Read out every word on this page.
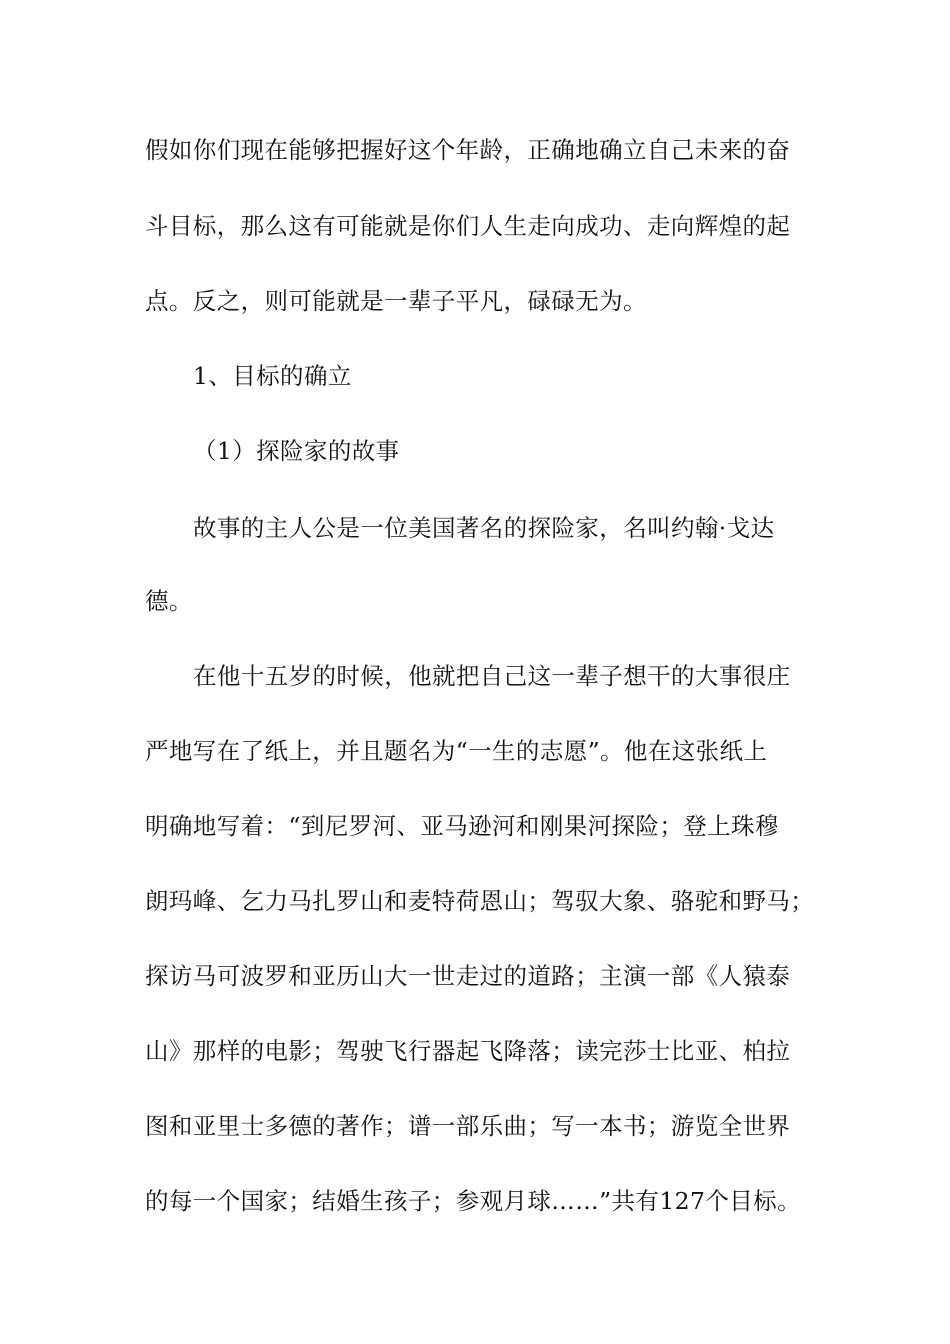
假如你们现在能够把握好这个年龄，正确地确立自己未来的奋
斗目标，那么这有可能就是你们人生走向成功、走向辉煌的起
点。反之，则可能就是一辈子平凡，碌碌无为。
1、目标的确立
（1）探险家的故事
故事的主人公是一位美国著名的探险家，名叫约翰·戈达
德。
在他十五岁的时候，他就把自己这一辈子想干的大事很庄
严地写在了纸上，并且题名为“一生的志愿”。他在这张纸上
明确地写着：“到尼罗河、亚马逊河和刚果河探险；登上珠穆
朗玛峰、乞力马扎罗山和麦特荷恩山；驾驭大象、骆驼和野马；
探访马可波罗和亚历山大一世走过的道路；主演一部《人猿泰
山》那样的电影；驾驶飞行器起飞降落；读完莎士比亚、柏拉
图和亚里士多德的著作；谱一部乐曲；写一本书；游览全世界
的每一个国家；结婚生孩子；参观月球……”共有127个目标。
